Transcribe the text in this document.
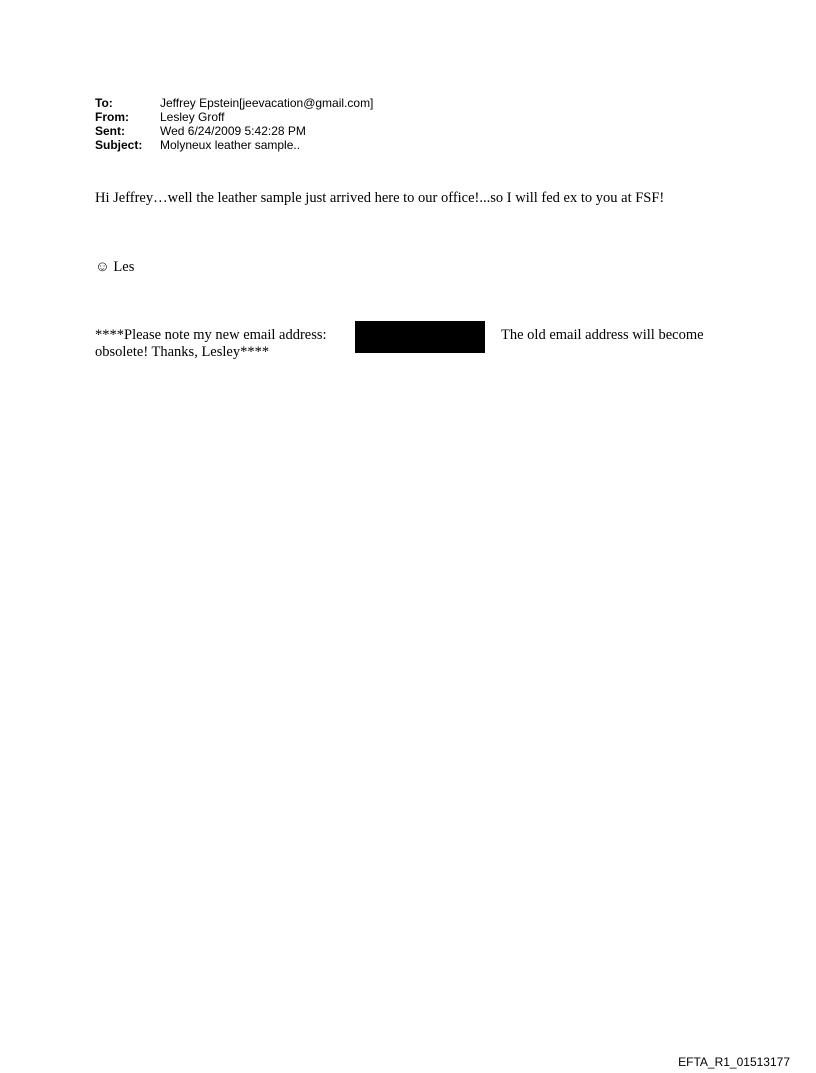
To:	Jeffrey Epstein[jeevacation@gmail.com]
From:	Lesley Groff
Sent:	Wed 6/24/2009 5:42:28 PM
Subject:	Molyneux leather sample..
Hi Jeffrey…well the leather sample just arrived here to our office!...so I will fed ex to you at FSF!
☺ Les
****Please note my new email address:	The old email address will become
obsolete! Thanks, Lesley****
EFTA_R1_01513177
